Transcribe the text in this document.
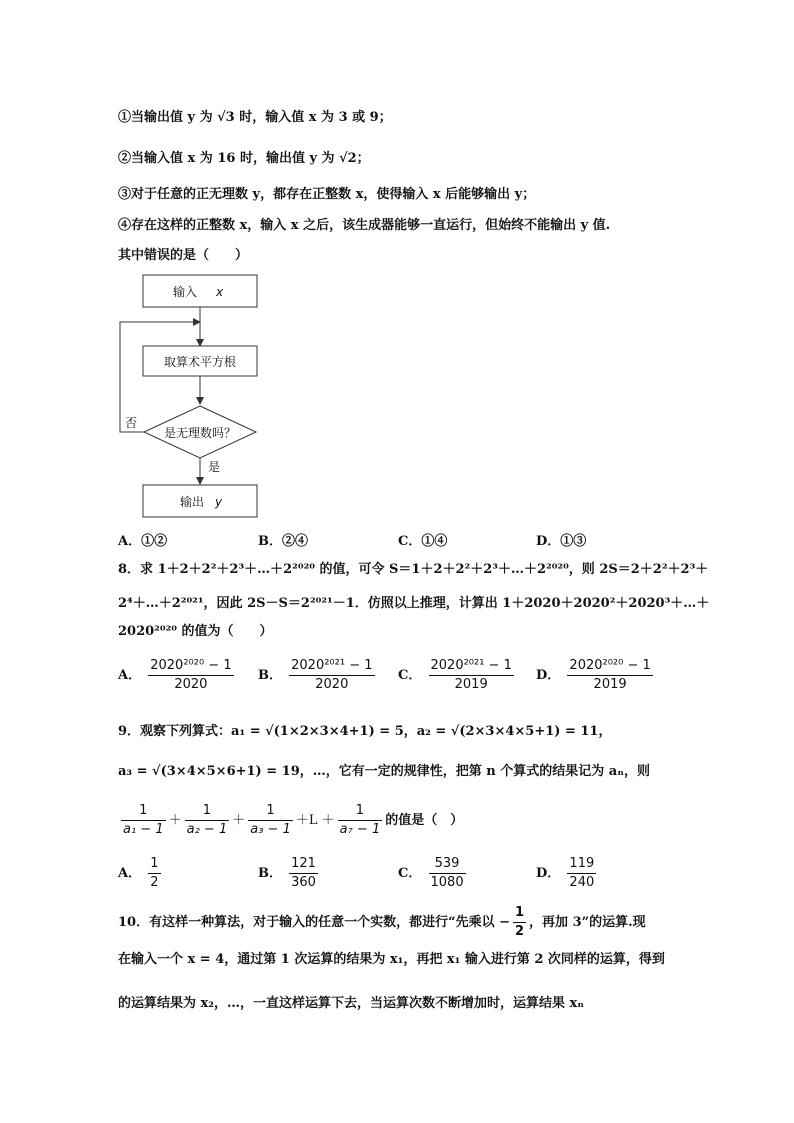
①当输出值 y 为 √3 时，输入值 x 为 3 或 9；
②当输入值 x 为 16 时，输出值 y 为 √2；
③对于任意的正无理数 y，都存在正整数 x，使得输入 x 后能够输出 y；
④存在这样的正整数 x，输入 x 之后，该生成器能够一直运行，但始终不能输出 y 值.
其中错误的是（　　）
输入 x
取算术平方根
是无理数吗？
否
是
输出 y
A．①②	B．②④	C．①④	D．①③
8．求 1＋2＋2²＋2³＋…＋2²⁰²⁰ 的值，可令 S＝1＋2＋2²＋2³＋…＋2²⁰²⁰，则 2S＝2＋2²＋2³＋
2⁴＋…＋2²⁰²¹，因此 2S－S＝2²⁰²¹－1．仿照以上推理，计算出 1＋2020＋2020²＋2020³＋…＋
2020²⁰²⁰ 的值为（　　）
A． $\frac{\text{2020²⁰²⁰ − 1}}{2020}$ B． $\frac{\text{2020²⁰²¹ − 1}}{2020}$ C． $\frac{\text{2020²⁰²¹ − 1}}{2019}$ D． $\frac{\text{2020²⁰²⁰ − 1}}{2019}$
9．观察下列算式：a₁ = √(1×2×3×4+1) = 5，a₂ = √(2×3×4×5+1) = 11，
a₃ = √(3×4×5×6+1) = 19，…，它有一定的规律性，把第 n 个算式的结果记为 aₙ，则
$\frac{1}{\text{a₁ − 1}} + \frac{1}{\text{a₂ − 1}} + \frac{1}{\text{a₃ − 1}} +L + \frac{1}{\text{a₇ − 1}}$ 的值是（　）
A． $\frac{1}{2}$	B． $\frac{121}{360}$	C． $\frac{539}{1080}$	D． $\frac{119}{240}$
10．有这样一种算法，对于输入的任意一个实数，都进行“先乘以 − $\frac{1}{2}$ ，再加 3”的运算.现
在输入一个 x = 4，通过第 1 次运算的结果为 x₁，再把 x₁ 输入进行第 2 次同样的运算，得到
的运算结果为 x₂，…，一直这样运算下去，当运算次数不断增加时，运算结果 xₙ
